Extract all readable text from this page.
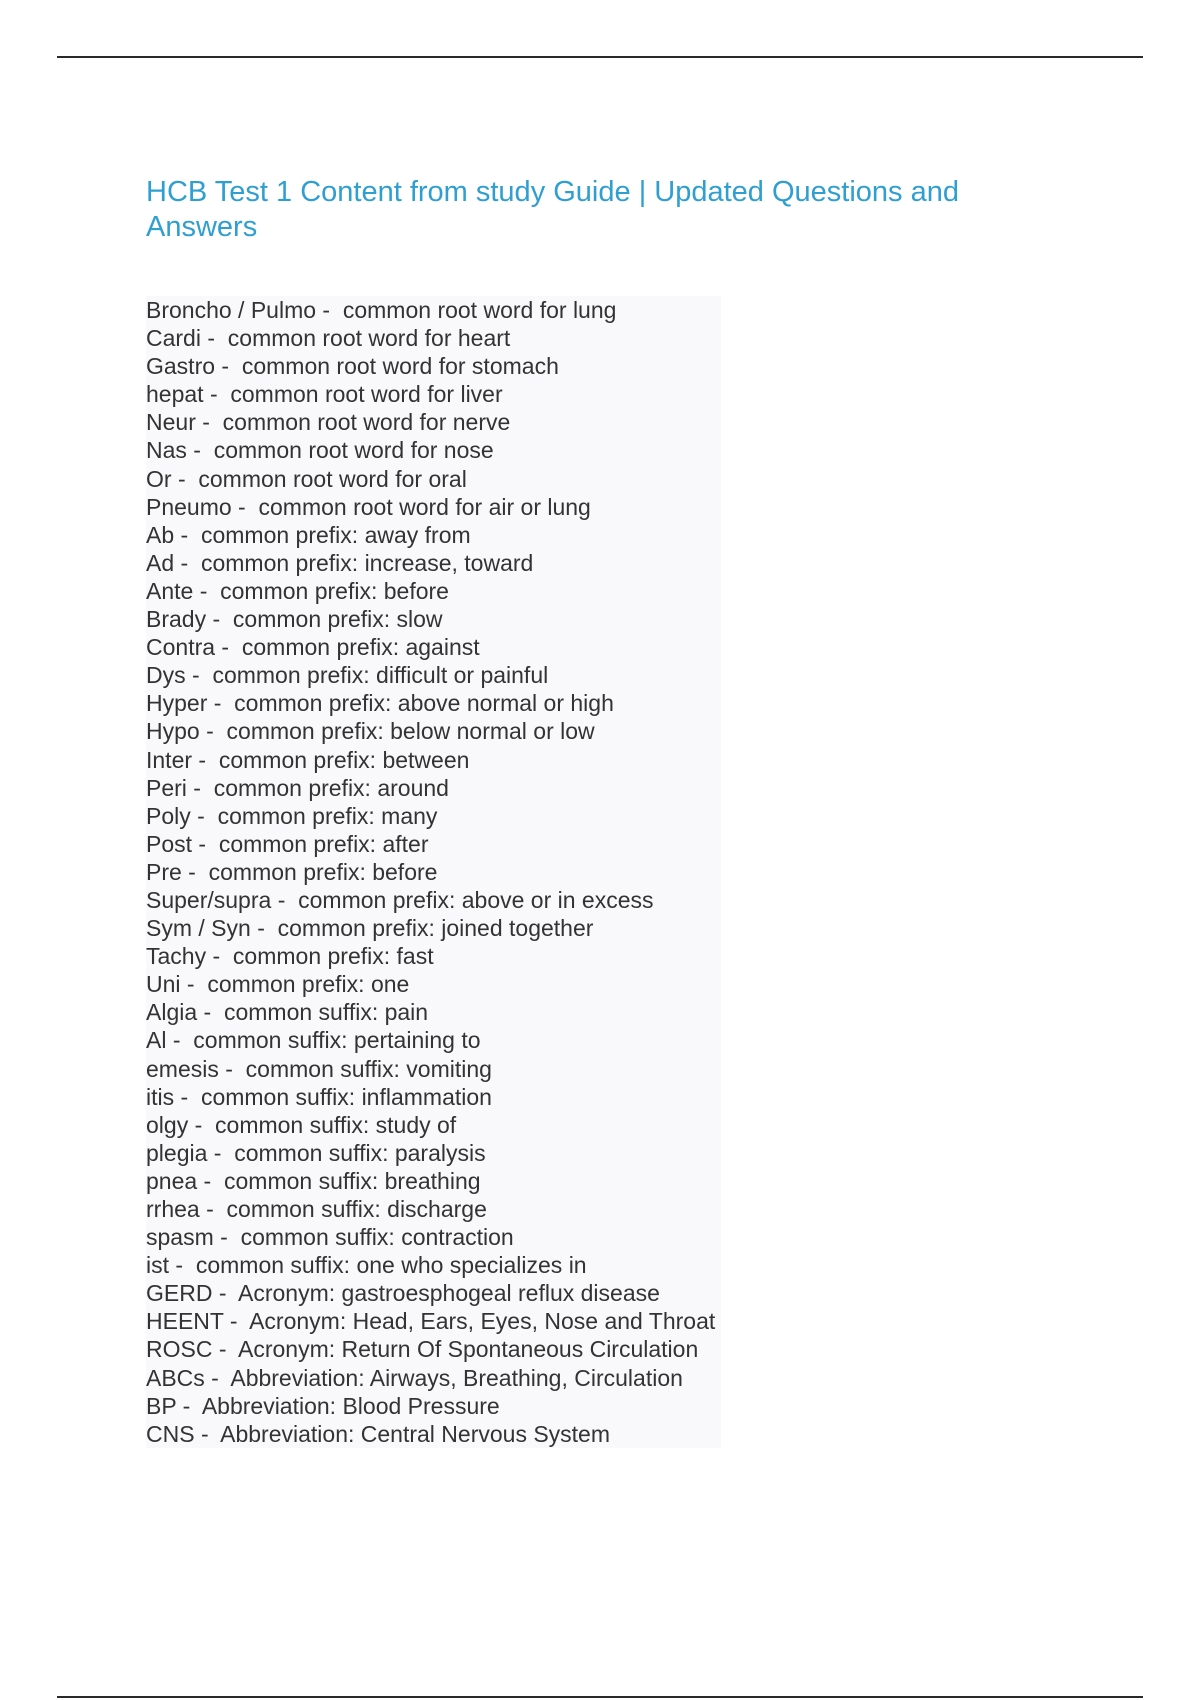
HCB Test 1 Content from study Guide | Updated Questions and Answers
Broncho / Pulmo -  common root word for lung
Cardi -  common root word for heart
Gastro -  common root word for stomach
hepat -  common root word for liver
Neur -  common root word for nerve
Nas -  common root word for nose
Or -  common root word for oral
Pneumo -  common root word for air or lung
Ab -  common prefix: away from
Ad -  common prefix: increase, toward
Ante -  common prefix: before
Brady -  common prefix: slow
Contra -  common prefix: against
Dys -  common prefix: difficult or painful
Hyper -  common prefix: above normal or high
Hypo -  common prefix: below normal or low
Inter -  common prefix: between
Peri -  common prefix: around
Poly -  common prefix: many
Post -  common prefix: after
Pre -  common prefix: before
Super/supra -  common prefix: above or in excess
Sym / Syn -  common prefix: joined together
Tachy -  common prefix: fast
Uni -  common prefix: one
Algia -  common suffix: pain
Al -  common suffix: pertaining to
emesis -  common suffix: vomiting
itis -  common suffix: inflammation
olgy -  common suffix: study of
plegia -  common suffix: paralysis
pnea -  common suffix: breathing
rrhea -  common suffix: discharge
spasm -  common suffix: contraction
ist -  common suffix: one who specializes in
GERD -  Acronym: gastroesphogeal reflux disease
HEENT -  Acronym: Head, Ears, Eyes, Nose and Throat
ROSC -  Acronym: Return Of Spontaneous Circulation
ABCs -  Abbreviation: Airways, Breathing, Circulation
BP -  Abbreviation: Blood Pressure
CNS -  Abbreviation: Central Nervous System
